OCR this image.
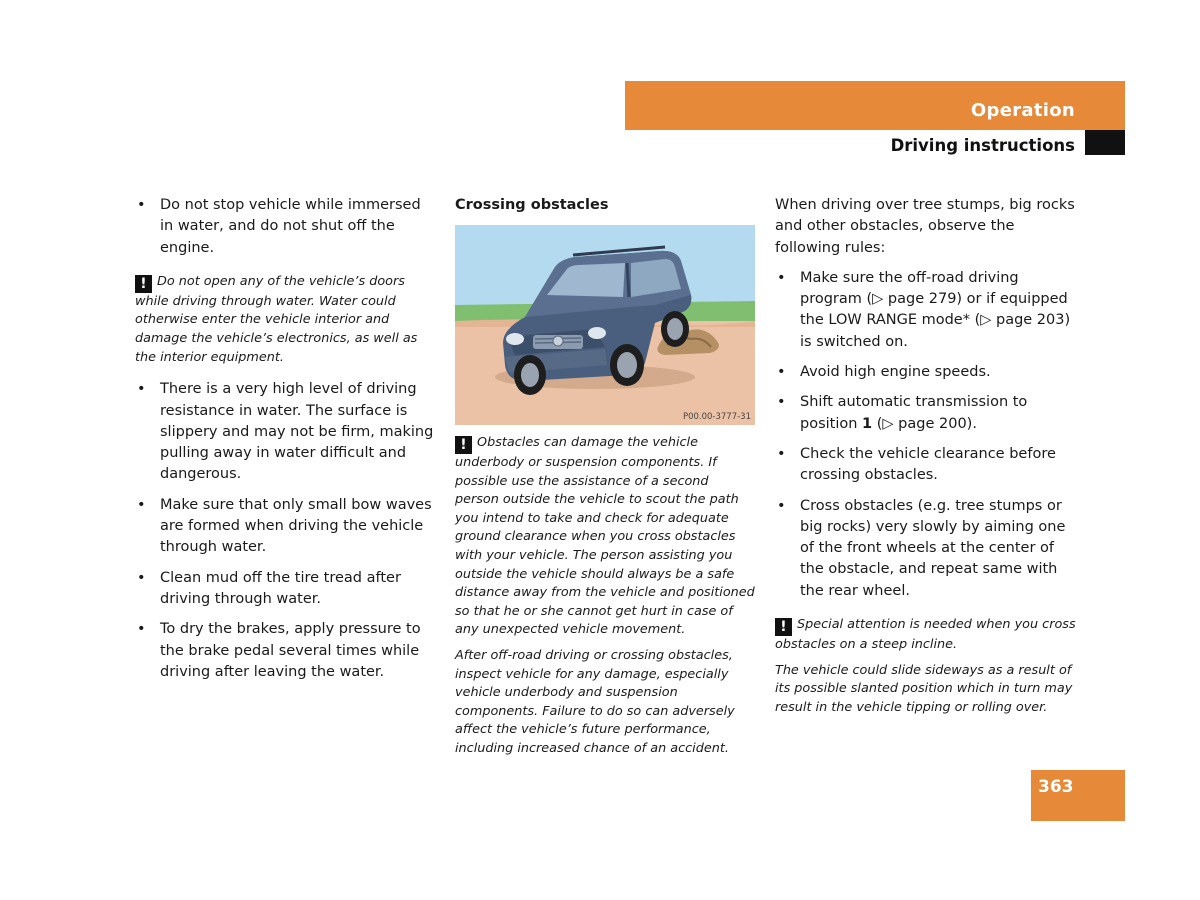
Operation
Driving instructions
• Do not stop vehicle while immersed in water, and do not shut off the engine.
! Do not open any of the vehicle’s doors while driving through water. Water could otherwise enter the vehicle interior and damage the vehicle’s electronics, as well as the interior equipment.
• There is a very high level of driving resistance in water. The surface is slippery and may not be firm, making pulling away in water difficult and dangerous.
• Make sure that only small bow waves are formed when driving the vehicle through water.
• Clean mud off the tire tread after driving through water.
• To dry the brakes, apply pressure to the brake pedal several times while driving after leaving the water.
Crossing obstacles
P00.00-3777-31
! Obstacles can damage the vehicle underbody or suspension components. If possible use the assistance of a second person outside the vehicle to scout the path you intend to take and check for adequate ground clearance when you cross obstacles with your vehicle. The person assisting you outside the vehicle should always be a safe distance away from the vehicle and positioned so that he or she cannot get hurt in case of any unexpected vehicle movement.
After off-road driving or crossing obstacles, inspect vehicle for any damage, especially vehicle underbody and suspension components. Failure to do so can adversely affect the vehicle’s future performance, including increased chance of an accident.
When driving over tree stumps, big rocks and other obstacles, observe the following rules:
• Make sure the off-road driving program (▷ page 279) or if equipped the LOW RANGE mode* (▷ page 203) is switched on.
• Avoid high engine speeds.
• Shift automatic transmission to position 1 (▷ page 200).
• Check the vehicle clearance before crossing obstacles.
• Cross obstacles (e.g. tree stumps or big rocks) very slowly by aiming one of the front wheels at the center of the obstacle, and repeat same with the rear wheel.
! Special attention is needed when you cross obstacles on a steep incline.
The vehicle could slide sideways as a result of its possible slanted position which in turn may result in the vehicle tipping or rolling over.
363
